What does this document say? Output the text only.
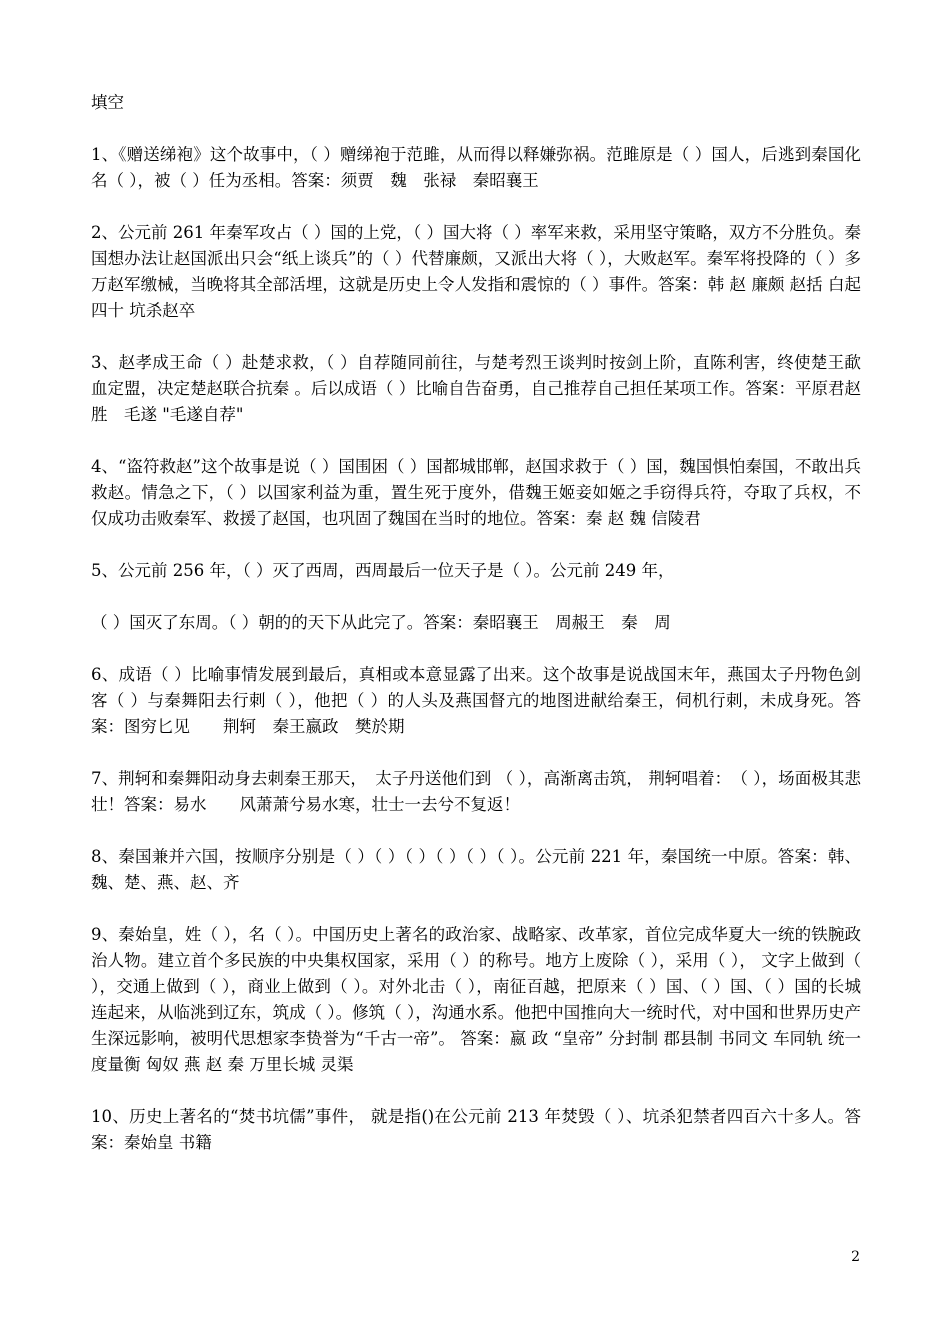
填空
1、《赠送绨袍》这个故事中，（ ）赠绨袍于范雎，从而得以释嫌弥祸。范雎原是（ ）国人，后逃到秦国化名（ ），被（ ）任为丞相。答案：须贾　魏　张禄　秦昭襄王
2、公元前 261 年秦军攻占（ ）国的上党，（ ）国大将（ ）率军来救，采用坚守策略，双方不分胜负。秦国想办法让赵国派出只会“纸上谈兵”的（ ）代替廉颇，又派出大将（ ），大败赵军。秦军将投降的（ ）多万赵军缴械，当晚将其全部活埋，这就是历史上令人发指和震惊的（ ）事件。答案：韩 赵 廉颇 赵括 白起 四十 坑杀赵卒
3、赵孝成王命（ ）赴楚求救，（ ）自荐随同前往，与楚考烈王谈判时按剑上阶，直陈利害，终使楚王歃血定盟，决定楚赵联合抗秦 。后以成语（ ）比喻自告奋勇，自己推荐自己担任某项工作。答案：平原君赵胜　毛遂 "毛遂自荐"
4、“盗符救赵”这个故事是说（ ）国围困（ ）国都城邯郸，赵国求救于（ ）国，魏国惧怕秦国，不敢出兵救赵。情急之下，（ ）以国家利益为重，置生死于度外，借魏王姬妾如姬之手窃得兵符，夺取了兵权，不仅成功击败秦军、救援了赵国，也巩固了魏国在当时的地位。答案：秦 赵 魏 信陵君
5、公元前 256 年，（ ）灭了西周，西周最后一位天子是（ ）。公元前 249 年，
（ ）国灭了东周。（ ）朝的的天下从此完了。答案：秦昭襄王　周赧王　秦　周
6、成语（ ）比喻事情发展到最后，真相或本意显露了出来。这个故事是说战国末年，燕国太子丹物色剑客（ ）与秦舞阳去行刺（ ），他把（ ）的人头及燕国督亢的地图进献给秦王，伺机行刺，未成身死。答案：图穷匕见　　荆轲　秦王嬴政　樊於期
7、荆轲和秦舞阳动身去刺秦王那天，　太子丹送他们到 （ ），高渐离击筑， 荆轲唱着：　（ ），场面极其悲壮！答案：易水　　风萧萧兮易水寒，壮士一去兮不复返！
8、秦国兼并六国，按顺序分别是（ ）（ ）（ ）（ ）（ ）（ ）。公元前 221 年，秦国统一中原。答案：韩、魏、楚、燕、赵、齐
9、秦始皇，姓（ ），名（ ）。中国历史上著名的政治家、战略家、改革家，首位完成华夏大一统的铁腕政治人物。建立首个多民族的中央集权国家，采用（ ）的称号。地方上废除（ ），采用（ ）， 文字上做到（ ），交通上做到（ ），商业上做到（ ）。对外北击（ ），南征百越，把原来（ ）国、（ ）国、（ ）国的长城连起来，从临洮到辽东，筑成（ ）。修筑（ ），沟通水系。他把中国推向大一统时代，对中国和世界历史产生深远影响，被明代思想家李贽誉为“千古一帝”。 答案：嬴 政 “皇帝” 分封制 郡县制 书同文 车同轨 统一度量衡 匈奴 燕 赵 秦 万里长城 灵渠
10、历史上著名的“焚书坑儒”事件， 就是指()在公元前 213 年焚毁（ ）、坑杀犯禁者四百六十多人。答案：秦始皇 书籍
2
